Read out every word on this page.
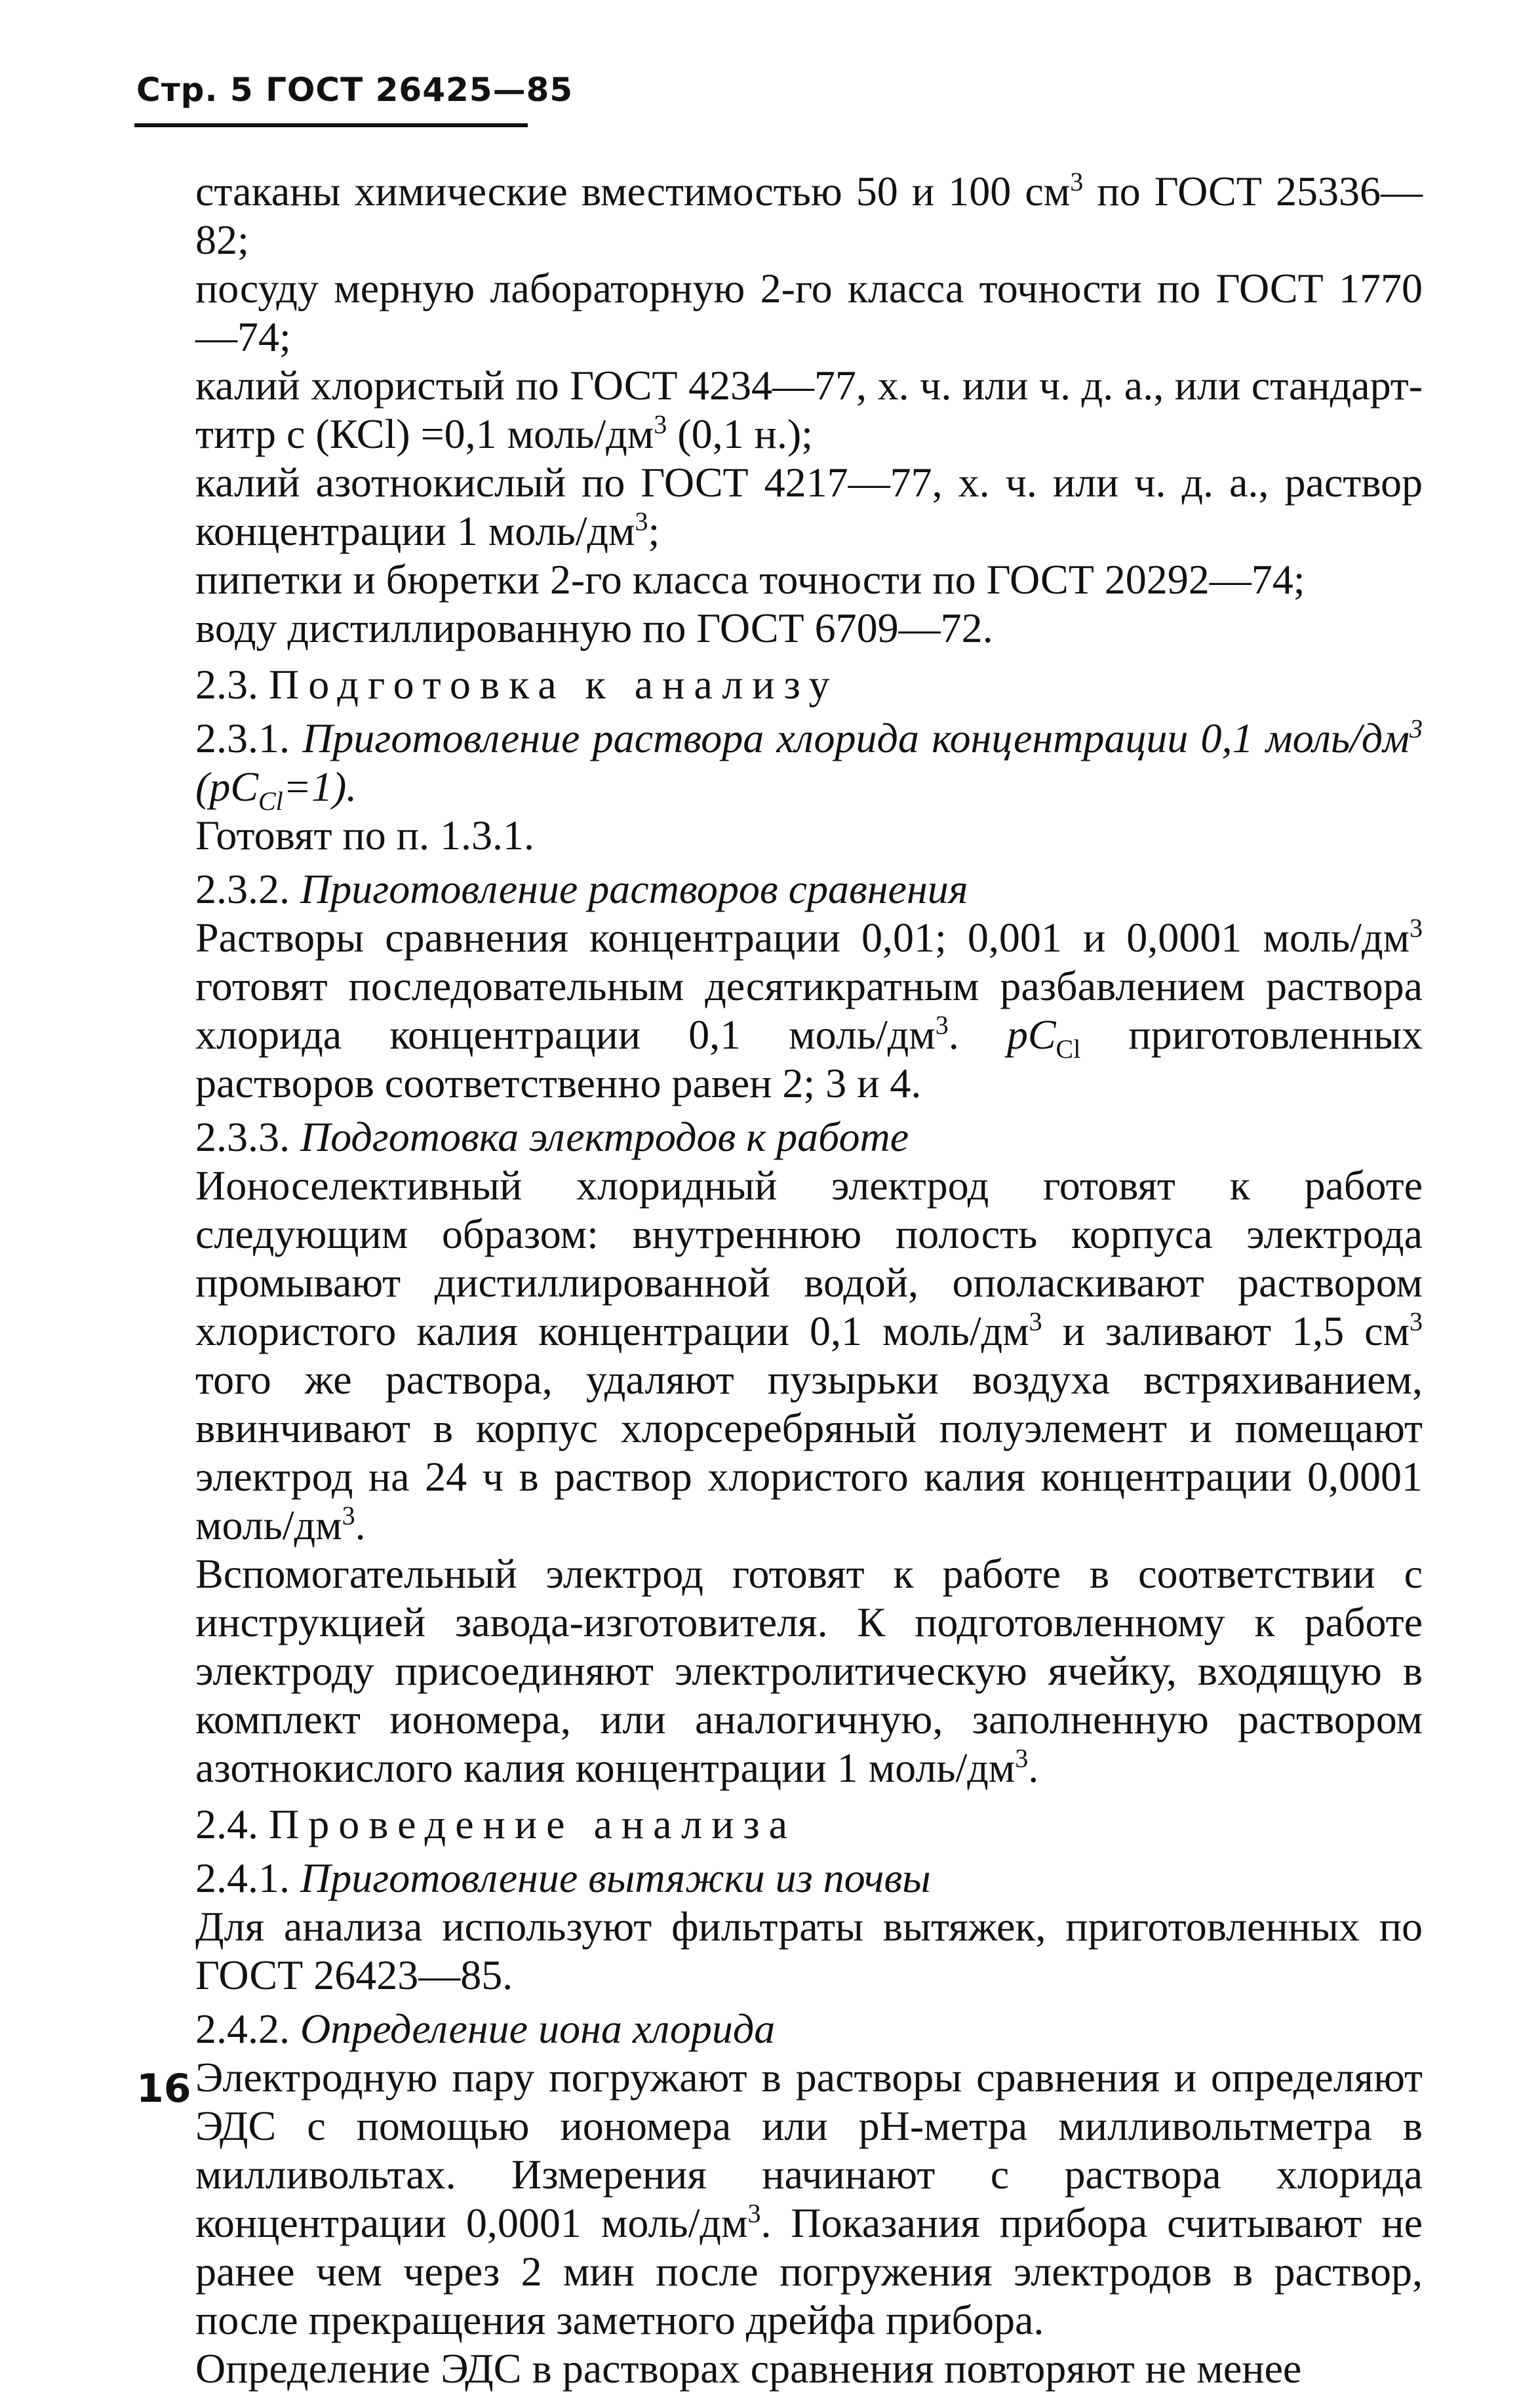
Стр. 5 ГОСТ 26425—85

стаканы химические вместимостью 50 и 100 $см^3$ по ГОСТ 25336—82;

посуду мерную лабораторную 2-го класса точности по ГОСТ 1770—74;

калий хлористый по ГОСТ 4234—77, х. ч. или ч. д. а., или стандарт-титр с (КСl) =0,1 моль/$дм^3$ (0,1 н.);

калий азотнокислый по ГОСТ 4217—77, х. ч. или ч. д. а., раствор концентрации 1 моль/$дм^3$;

пипетки и бюретки 2-го класса точности по ГОСТ 20292—74;

воду дистиллированную по ГОСТ 6709—72.

2.3. Подготовка к анализу

2.3.1. Приготовление раствора хлорида концентрации 0,1 моль/$дм^3$ $(pC_{Cl}=1)$.

Готовят по п. 1.3.1.

2.3.2. Приготовление растворов сравнения

Растворы сравнения концентрации 0,01; 0,001 и 0,0001 моль/$дм^3$ готовят последовательным десятикратным разбавлением раствора хлорида концентрации 0,1 моль/$дм^3$. $pC_{Cl}$ приготовленных растворов соответственно равен 2; 3 и 4.

2.3.3. Подготовка электродов к работе

Ионоселективный хлоридный электрод готовят к работе следующим образом: внутреннюю полость корпуса электрода промывают дистиллированной водой, ополаскивают раствором хлористого калия концентрации 0,1 моль/$дм^3$ и заливают 1,5 $см^3$ того же раствора, удаляют пузырьки воздуха встряхиванием, ввинчивают в корпус хлорсеребряный полуэлемент и помещают электрод на 24 ч в раствор хлористого калия концентрации 0,0001 моль/$дм^3$.

Вспомогательный электрод готовят к работе в соответствии с инструкцией завода-изготовителя. К подготовленному к работе электроду присоединяют электролитическую ячейку, входящую в комплект иономера, или аналогичную, заполненную раствором азотнокислого калия концентрации 1 моль/$дм^3$.

2.4. Проведение анализа

2.4.1. Приготовление вытяжки из почвы

Для анализа используют фильтраты вытяжек, приготовленных по ГОСТ 26423—85.

2.4.2. Определение иона хлорида

Электродную пару погружают в растворы сравнения и определяют ЭДС с помощью иономера или pH-метра милливольтметра в милливольтах. Измерения начинают с раствора хлорида концентрации 0,0001 моль/$дм^3$. Показания прибора считывают не ранее чем через 2 мин после погружения электродов в раствор, после прекращения заметного дрейфа прибора.

Определение ЭДС в растворах сравнения повторяют не менее

16
